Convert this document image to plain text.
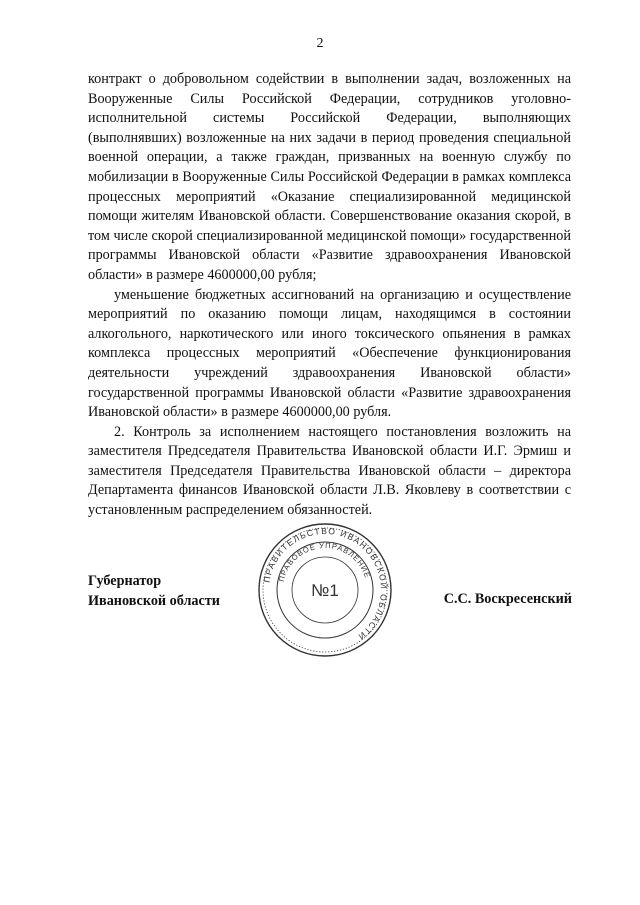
2

контракт о добровольном содействии в выполнении задач, возложенных на Вооруженные Силы Российской Федерации, сотрудников уголовно-исполнительной системы Российской Федерации, выполняющих (выполнявших) возложенные на них задачи в период проведения специальной военной операции, а также граждан, призванных на военную службу по мобилизации в Вооруженные Силы Российской Федерации в рамках комплекса процессных мероприятий «Оказание специализированной медицинской помощи жителям Ивановской области. Совершенствование оказания скорой, в том числе скорой специализированной медицинской помощи» государственной программы Ивановской области «Развитие здравоохранения Ивановской области» в размере 4600000,00 рубля;

уменьшение бюджетных ассигнований на организацию и осуществление мероприятий по оказанию помощи лицам, находящимся в состоянии алкогольного, наркотического или иного токсического опьянения в рамках комплекса процессных мероприятий «Обеспечение функционирования деятельности учреждений здравоохранения Ивановской области» государственной программы Ивановской области «Развитие здравоохранения Ивановской области» в размере 4600000,00 рубля.

2. Контроль за исполнением настоящего постановления возложить на заместителя Председателя Правительства Ивановской области И.Г. Эрмиш и заместителя Председателя Правительства Ивановской области – директора Департамента финансов Ивановской области Л.В. Яковлеву в соответствии с установленным распределением обязанностей.

Губернатор
Ивановской области	С.С. Воскресенский
ПРАВИТЕЛЬСТВО ИВАНОВСКОЙ ОБЛАСТИ
ПРАВОВОЕ УПРАВЛЕНИЕ
№1
